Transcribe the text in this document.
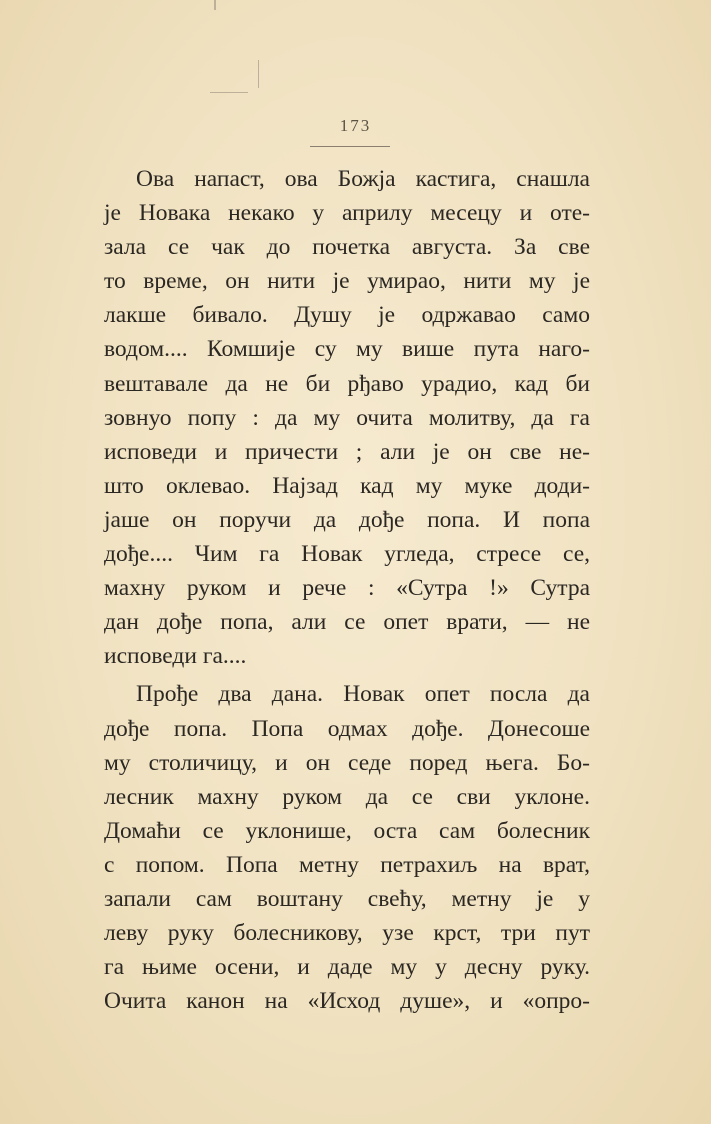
173
Ова напаст, ова Божја кастига, снашла
је Новака некако у априлу месецу и оте-
зала се чак до почетка августа. За све
то време, он нити је умирао, нити му је
лакше бивало. Душу је одржавао само
водом.... Комшије су му више пута наго-
вештавале да не би рђаво урадио, кад би
зовнуо попу : да му очита молитву, да га
исповеди и причести ; али је он све не-
што оклевао. Најзад кад му муке доди-
јаше он поручи да дође попа. И попа
дође.... Чим га Новак угледа, стресе се,
махну руком и рече : «Сутра !» Сутра
дан дође попа, али се опет врати, — не
исповеди га....
Прође два дана. Новак опет посла да
дође попа. Попа одмах дође. Донесоше
му столичицу, и он седе поред њега. Бо-
лесник махну руком да се сви уклоне.
Домаћи се уклонише, оста сам болесник
с попом. Попа метну петрахиљ на врат,
запали сам воштану свећу, метну је у
леву руку болесникову, узе крст, три пут
га њиме осени, и даде му у десну руку.
Очита канон на «Исход душе», и «опро-
